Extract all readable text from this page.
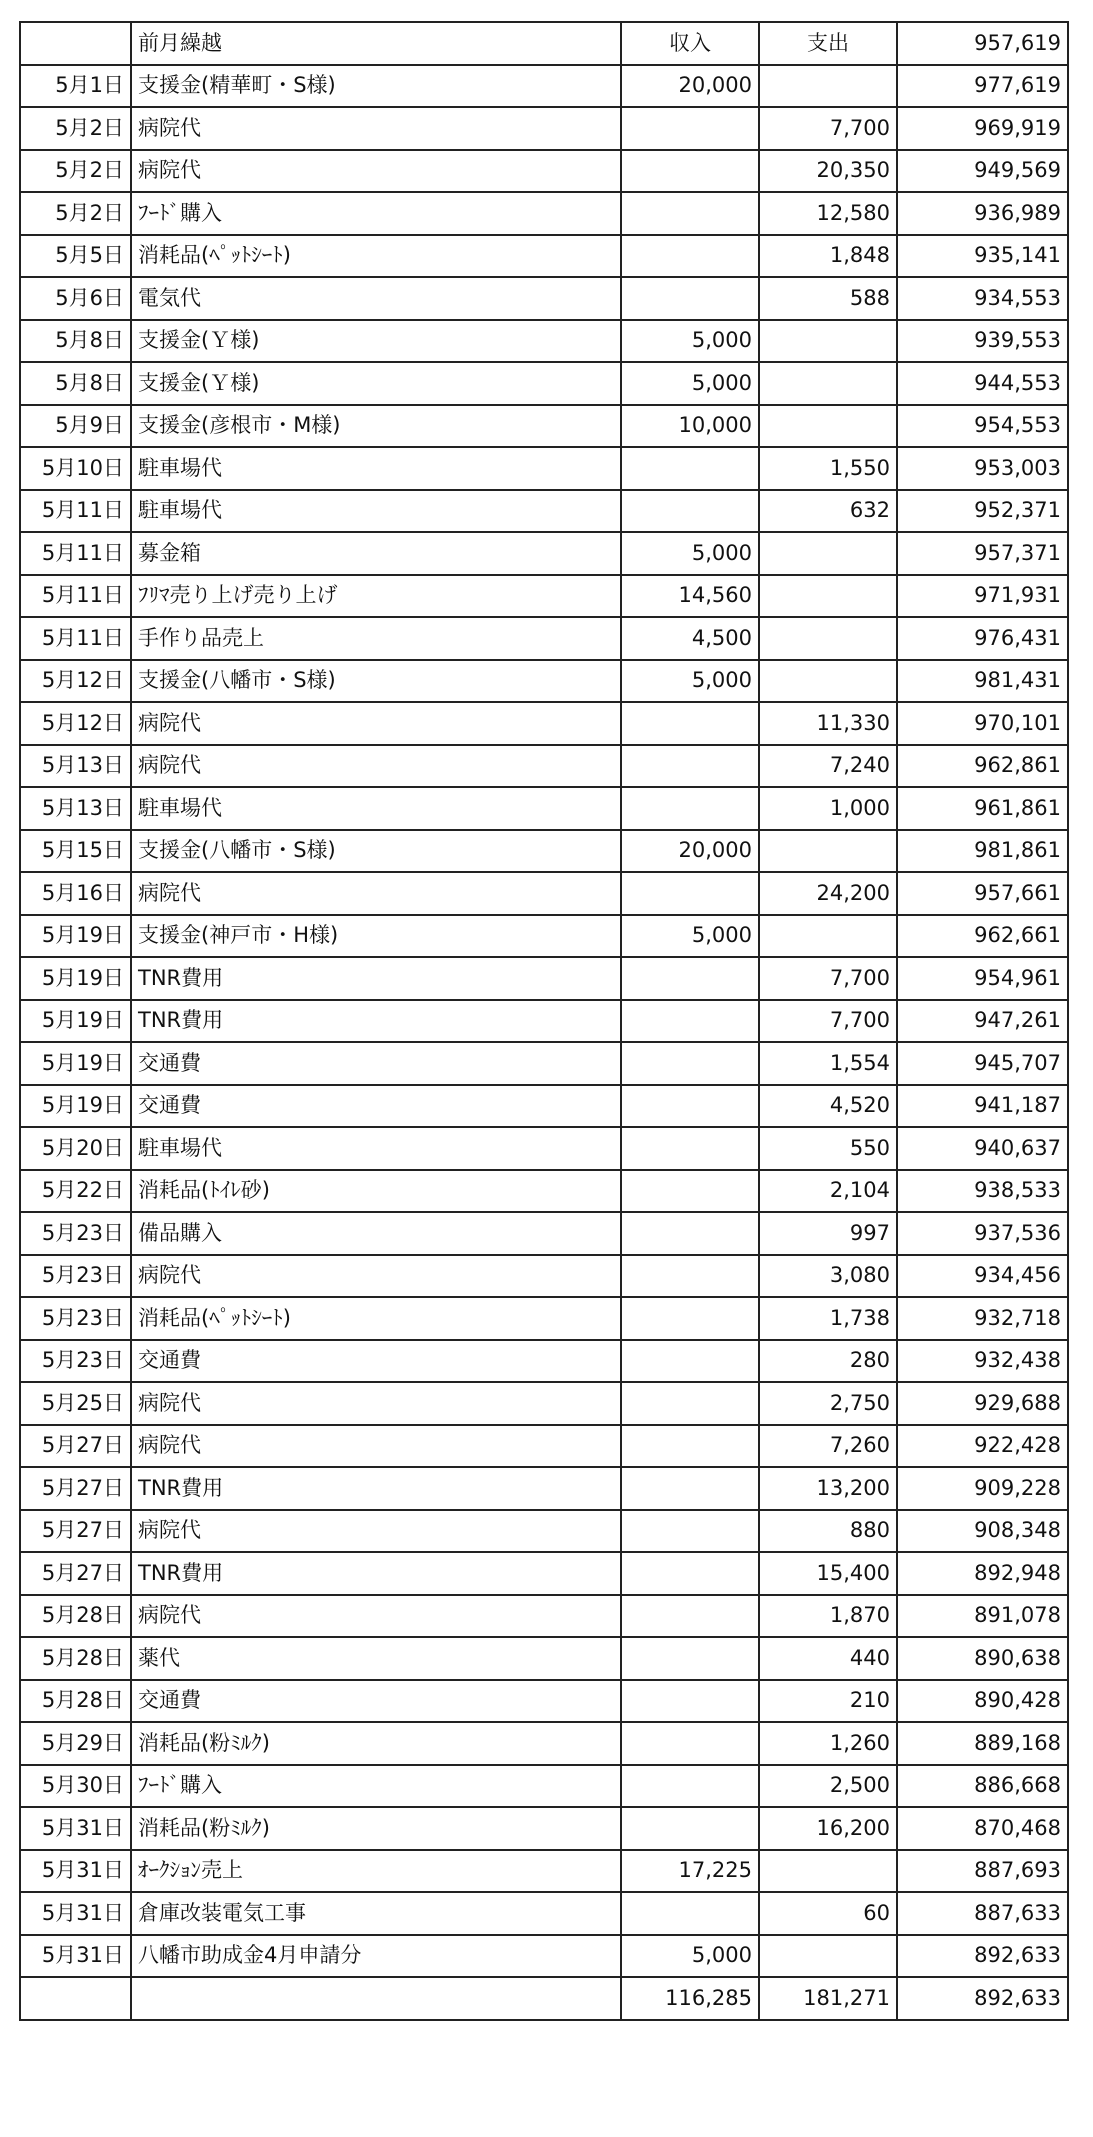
	前月繰越	収入	支出	957,619
5月1日	支援金(精華町・S様)	20,000		977,619
5月2日	病院代		7,700	969,919
5月2日	病院代		20,350	949,569
5月2日	ﾌｰﾄﾞ購入		12,580	936,989
5月5日	消耗品(ﾍﾟｯﾄｼｰﾄ)		1,848	935,141
5月6日	電気代		588	934,553
5月8日	支援金(Ｙ様)	5,000		939,553
5月8日	支援金(Ｙ様)	5,000		944,553
5月9日	支援金(彦根市・M様)	10,000		954,553
5月10日	駐車場代		1,550	953,003
5月11日	駐車場代		632	952,371
5月11日	募金箱	5,000		957,371
5月11日	ﾌﾘﾏ売り上げ売り上げ	14,560		971,931
5月11日	手作り品売上	4,500		976,431
5月12日	支援金(八幡市・S様)	5,000		981,431
5月12日	病院代		11,330	970,101
5月13日	病院代		7,240	962,861
5月13日	駐車場代		1,000	961,861
5月15日	支援金(八幡市・S様)	20,000		981,861
5月16日	病院代		24,200	957,661
5月19日	支援金(神戸市・H様)	5,000		962,661
5月19日	TNR費用		7,700	954,961
5月19日	TNR費用		7,700	947,261
5月19日	交通費		1,554	945,707
5月19日	交通費		4,520	941,187
5月20日	駐車場代		550	940,637
5月22日	消耗品(ﾄｲﾚ砂)		2,104	938,533
5月23日	備品購入		997	937,536
5月23日	病院代		3,080	934,456
5月23日	消耗品(ﾍﾟｯﾄｼｰﾄ)		1,738	932,718
5月23日	交通費		280	932,438
5月25日	病院代		2,750	929,688
5月27日	病院代		7,260	922,428
5月27日	TNR費用		13,200	909,228
5月27日	病院代		880	908,348
5月27日	TNR費用		15,400	892,948
5月28日	病院代		1,870	891,078
5月28日	薬代		440	890,638
5月28日	交通費		210	890,428
5月29日	消耗品(粉ﾐﾙｸ)		1,260	889,168
5月30日	ﾌｰﾄﾞ購入		2,500	886,668
5月31日	消耗品(粉ﾐﾙｸ)		16,200	870,468
5月31日	ｵｰｸｼｮﾝ売上	17,225		887,693
5月31日	倉庫改装電気工事		60	887,633
5月31日	八幡市助成金4月申請分	5,000		892,633
		116,285	181,271	892,633
